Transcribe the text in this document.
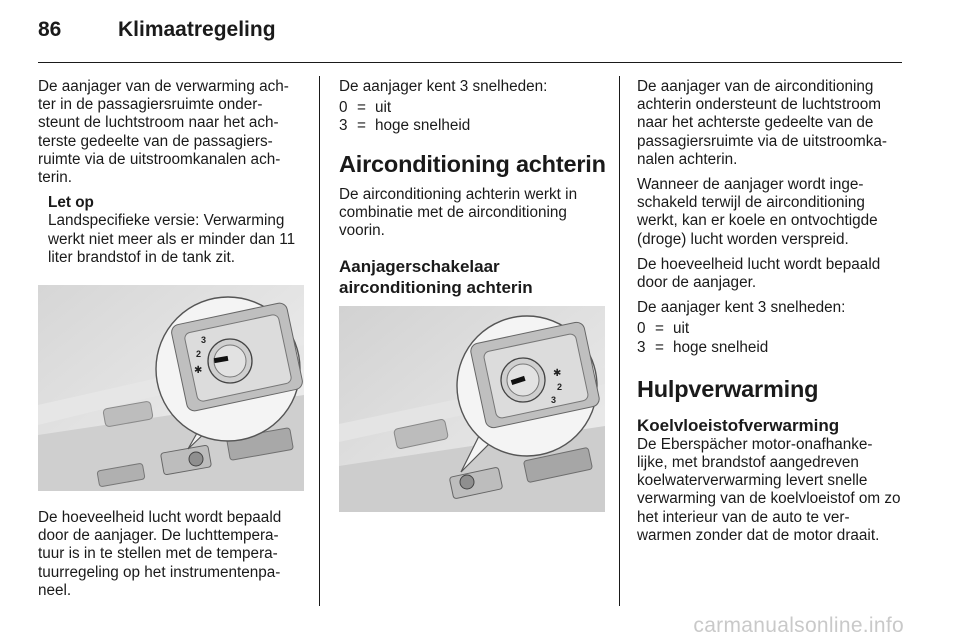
86	Klimaatregeling

De aanjager van de verwarming ach- ter in de passagiersruimte onder- steunt de luchtstroom naar het ach- terste gedeelte van de passagiers- ruimte via de uitstroomkanalen ach- terin.

Let op
Landspecifieke versie: Verwarming werkt niet meer als er minder dan 11 liter brandstof in de tank zit.
3
2
✱

De hoeveelheid lucht wordt bepaald door de aanjager. De luchttempera- tuur is in te stellen met de tempera- tuurregeling op het instrumentenpa- neel.

De aanjager kent 3 snelheden:

0 = uit
3 = hoge snelheid
Airconditioning achterin

De airconditioning achterin werkt in combinatie met de airconditioning voorin.

Aanjagerschakelaar
airconditioning achterin
✱
2
3

De aanjager van de airconditioning achterin ondersteunt de luchtstroom naar het achterste gedeelte van de passagiersruimte via de uitstroomka- nalen achterin.

Wanneer de aanjager wordt inge- schakeld terwijl de airconditioning werkt, kan er koele en ontvochtigde (droge) lucht worden verspreid.

De hoeveelheid lucht wordt bepaald door de aanjager.

De aanjager kent 3 snelheden:

0 = uit
3 = hoge snelheid
Hulpverwarming
Koelvloeistofverwarming

De Eberspächer motor-onafhanke- lijke, met brandstof aangedreven koelwaterverwarming levert snelle verwarming van de koelvloeistof om zo het interieur van de auto te ver- warmen zonder dat de motor draait.

carmanualsonline.info
